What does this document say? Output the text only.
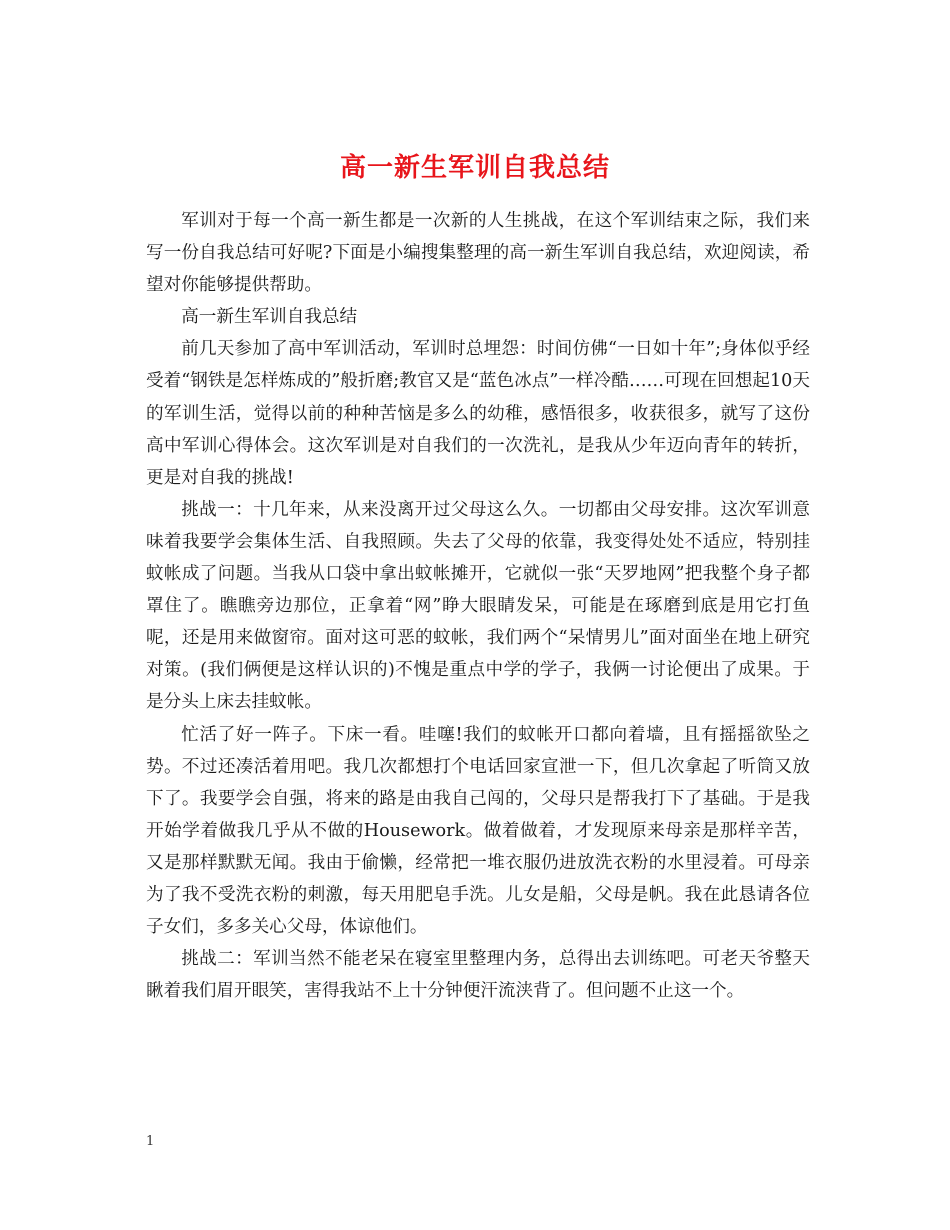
高一新生军训自我总结

军训对于每一个高一新生都是一次新的人生挑战，在这个军训结束之际，我们来写一份自我总结可好呢?下面是小编搜集整理的高一新生军训自我总结，欢迎阅读，希望对你能够提供帮助。

高一新生军训自我总结

前几天参加了高中军训活动，军训时总埋怨：时间仿佛“一日如十年”;身体似乎经受着“钢铁是怎样炼成的”般折磨;教官又是“蓝色冰点”一样冷酷……可现在回想起10天的军训生活，觉得以前的种种苦恼是多么的幼稚，感悟很多，收获很多，就写了这份高中军训心得体会。这次军训是对自我们的一次洗礼，是我从少年迈向青年的转折，更是对自我的挑战!

挑战一：十几年来，从来没离开过父母这么久。一切都由父母安排。这次军训意味着我要学会集体生活、自我照顾。失去了父母的依靠，我变得处处不适应，特别挂蚊帐成了问题。当我从口袋中拿出蚊帐摊开，它就似一张“天罗地网”把我整个身子都罩住了。瞧瞧旁边那位，正拿着“网”睁大眼睛发呆，可能是在琢磨到底是用它打鱼呢，还是用来做窗帘。面对这可恶的蚊帐，我们两个“呆情男儿”面对面坐在地上研究对策。(我们俩便是这样认识的)不愧是重点中学的学子，我俩一讨论便出了成果。于是分头上床去挂蚊帐。

忙活了好一阵子。下床一看。哇噻!我们的蚊帐开口都向着墙，且有摇摇欲坠之势。不过还凑活着用吧。我几次都想打个电话回家宣泄一下，但几次拿起了听筒又放下了。我要学会自强，将来的路是由我自己闯的，父母只是帮我打下了基础。于是我开始学着做我几乎从不做的Housework。做着做着，才发现原来母亲是那样辛苦，又是那样默默无闻。我由于偷懒，经常把一堆衣服仍进放洗衣粉的水里浸着。可母亲为了我不受洗衣粉的刺激，每天用肥皂手洗。儿女是船，父母是帆。我在此恳请各位子女们，多多关心父母，体谅他们。

挑战二：军训当然不能老呆在寝室里整理内务，总得出去训练吧。可老天爷整天瞅着我们眉开眼笑，害得我站不上十分钟便汗流浃背了。但问题不止这一个。

1
